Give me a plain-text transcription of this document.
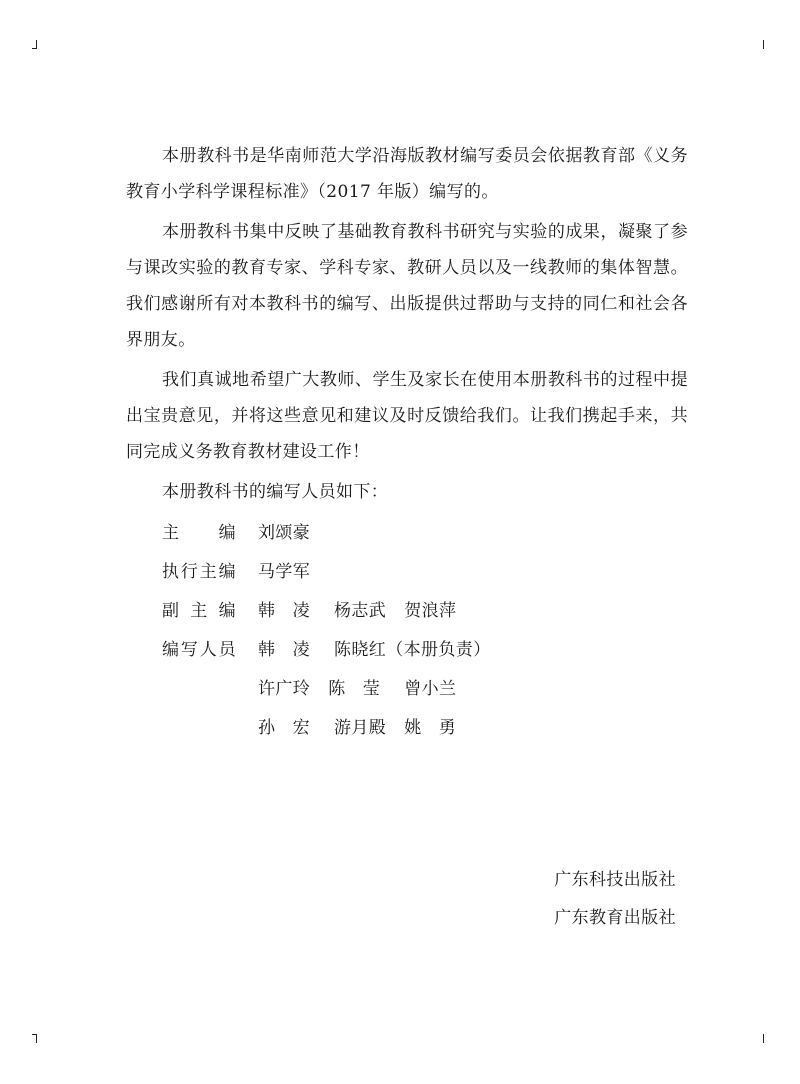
本册教科书是华南师范大学沿海版教材编写委员会依据教育部《义务教育小学科学课程标准》（2017 年版）编写的。

本册教科书集中反映了基础教育教科书研究与实验的成果，凝聚了参与课改实验的教育专家、学科专家、教研人员以及一线教师的集体智慧。我们感谢所有对本教科书的编写、出版提供过帮助与支持的同仁和社会各界朋友。

我们真诚地希望广大教师、学生及家长在使用本册教科书的过程中提出宝贵意见，并将这些意见和建议及时反馈给我们。让我们携起手来，共同完成义务教育教材建设工作！

本册教科书的编写人员如下：

主编 刘颂豪
执行主编 马学军
副主编 韩凌 杨志武 贺浪萍
编写人员 韩凌 陈晓红（本册负责）
许广玲 陈莹 曾小兰
孙宏 游月殿 姚勇
广东科技出版社
广东教育出版社
